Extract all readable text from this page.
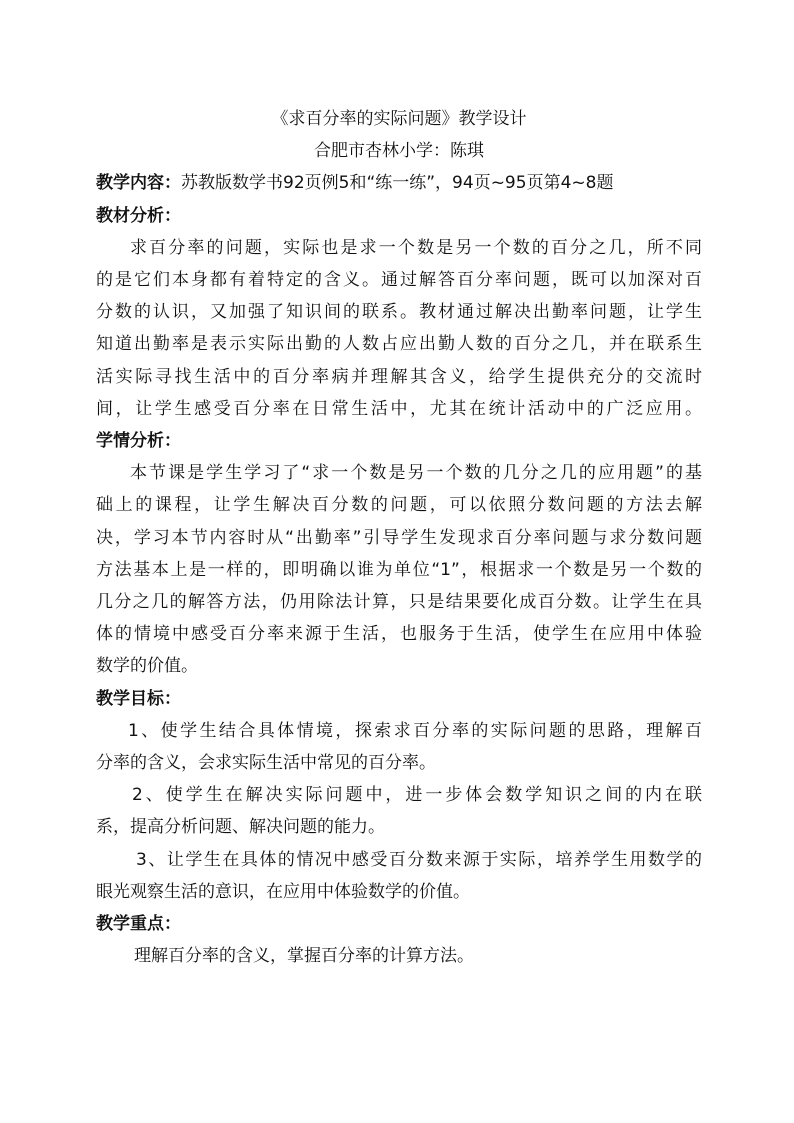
《求百分率的实际问题》教学设计
合肥市杏林小学：陈琪
教学内容：苏教版数学书92页例5和“练一练”，94页~95页第4~8题
教材分析：
求百分率的问题，实际也是求一个数是另一个数的百分之几，所不同
的是它们本身都有着特定的含义。通过解答百分率问题，既可以加深对百
分数的认识，又加强了知识间的联系。教材通过解决出勤率问题，让学生
知道出勤率是表示实际出勤的人数占应出勤人数的百分之几，并在联系生
活实际寻找生活中的百分率病并理解其含义，给学生提供充分的交流时
间，让学生感受百分率在日常生活中，尤其在统计活动中的广泛应用。
学情分析：
本节课是学生学习了“求一个数是另一个数的几分之几的应用题”的基
础上的课程，让学生解决百分数的问题，可以依照分数问题的方法去解
决，学习本节内容时从“出勤率”引导学生发现求百分率问题与求分数问题
方法基本上是一样的，即明确以谁为单位“1”，根据求一个数是另一个数的
几分之几的解答方法，仍用除法计算，只是结果要化成百分数。让学生在具
体的情境中感受百分率来源于生活，也服务于生活，使学生在应用中体验
数学的价值。
教学目标：
1、使学生结合具体情境，探索求百分率的实际问题的思路，理解百
分率的含义，会求实际生活中常见的百分率。
2、使学生在解决实际问题中，进一步体会数学知识之间的内在联
系，提高分析问题、解决问题的能力。
3、让学生在具体的情况中感受百分数来源于实际，培养学生用数学的
眼光观察生活的意识，在应用中体验数学的价值。
教学重点：
理解百分率的含义，掌握百分率的计算方法。
